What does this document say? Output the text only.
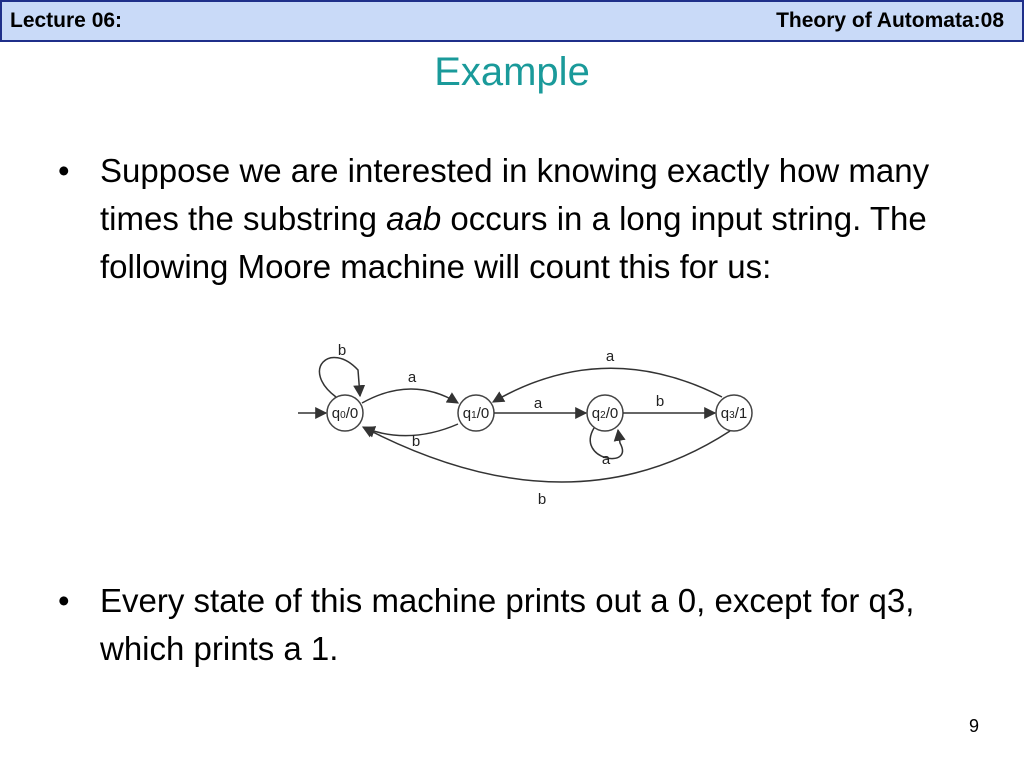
Lecture 06:	Theory of Automata:08
Example
• Suppose we are interested in knowing exactly how many times the substring aab occurs in a long input string. The following Moore machine will count this for us:
q0/0	q1/0	q2/0	q3/1
b
a
b
a
a
b
a
b
• Every state of this machine prints out a 0, except for q3, which prints a 1.
9
